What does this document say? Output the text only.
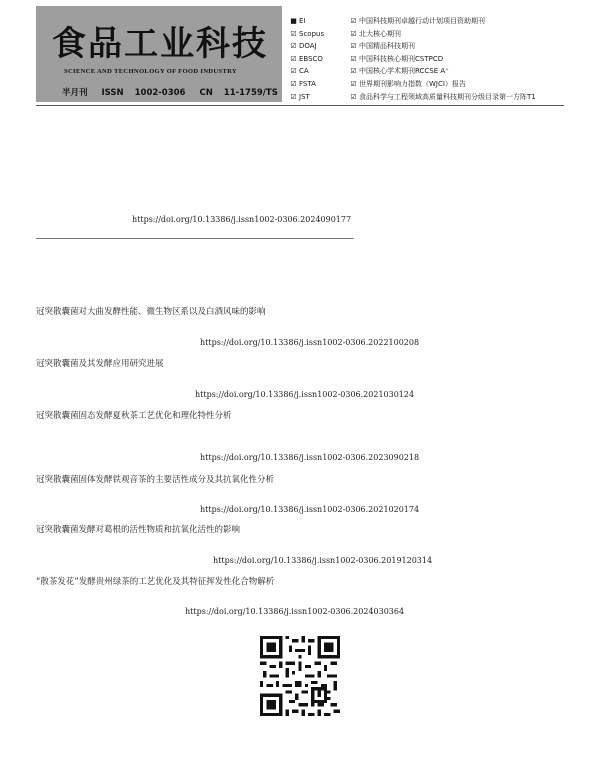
食品工业科技
SCIENCE AND TECHNOLOGY OF FOOD INDUSTRY
半月刊 ISSN 1002-0306 CN 11-1759/TS
■ EI
☑ Scopus
☑ DOAJ
☑ EBSCO
☑ CA
☑ FSTA
☑ JST
☑ 中国科技期刊卓越行动计划项目资助期刊
☑ 北大核心期刊
☑ 中国精品科技期刊
☑ 中国科技核心期刊CSTPCD
☑ 中国核心学术期刊RCCSE A⁺
☑ 世界期刊影响力指数（WJCI）报告
☑ 食品科学与工程领域高质量科技期刊分级目录第一方阵T1
https://doi.org/10.13386/j.issn1002-0306.2024090177
冠突散囊菌对大曲发酵性能、微生物区系以及白酒风味的影响
https://doi.org/10.13386/j.issn1002-0306.2022100208
冠突散囊菌及其发酵应用研究进展
https://doi.org/10.13386/j.issn1002-0306.2021030124
冠突散囊菌固态发酵夏秋茶工艺优化和理化特性分析
https://doi.org/10.13386/j.issn1002-0306.2023090218
冠突散囊菌固体发酵铁观音茶的主要活性成分及其抗氧化性分析
https://doi.org/10.13386/j.issn1002-0306.2021020174
冠突散囊菌发酵对葛根的活性物质和抗氧化活性的影响
https://doi.org/10.13386/j.issn1002-0306.2019120314
“散茶发花”发酵贵州绿茶的工艺优化及其特征挥发性化合物解析
https://doi.org/10.13386/j.issn1002-0306.2024030364
